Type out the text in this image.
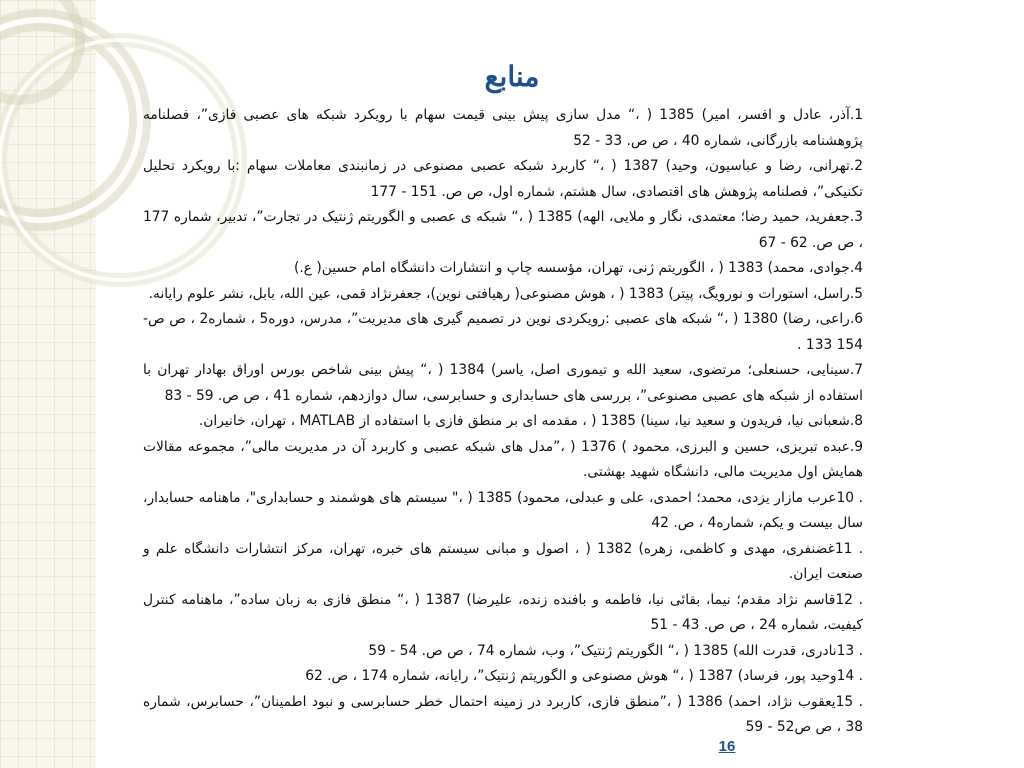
منابع

1.آذر، عادل و افسر، امیر) 1385 ( ،“ مدل سازی پیش بینی قیمت سهام با رویکرد شبکه های عصبی فازی”، فصلنامه پژوهشنامه بازرگانی، شماره 40 ، ص ص. 33 - 52

2.تهرانی، رضا و عباسیون، وحید) 1387 ( ،“ کاربرد شبکه عصبی مصنوعی در زمانبندی معاملات سهام :با رویکرد تحلیل تکنیکی”، فصلنامه پژوهش های اقتصادی، سال هشتم، شماره اول، ص ص. 151 - 177

3.جعفرید، حمید رضا؛ معتمدی، نگار و ملایی، الهه) 1385 ( ،“ شبکه ی عصبی و الگوریتم ژنتیک در تجارت”، تدبیر، شماره 177 ، ص ص. 62 - 67

4.جوادی، محمد) 1383 ( ، الگوریتم ژنی، تهران، مؤسسه چاپ و انتشارات دانشگاه امام حسین( ع.)

5.راسل، استورات و نورویگ، پیتر) 1383 ( ، هوش مصنوعی( رهیافتی نوین)، جعفرنژاد قمی، عین الله، بابل، نشر علوم رایانه.

6.راعی، رضا) 1380 ( ،“ شبکه های عصبی :رویکردی نوین در تصمیم گیری های مدیریت”، مدرس، دوره5 ، شماره2 ، ص ص- 154 133 .

7.سینایی، حسنعلی؛ مرتضوی، سعید الله و تیموری اصل، یاسر) 1384 ( ،“ پیش بینی شاخص بورس اوراق بهادار تهران با استفاده از شبکه های عصبی مصنوعی”، بررسی های حسابداری و حسابرسی، سال دوازدهم، شماره 41 ، ص ص. 59 - 83

8.شعبانی نیا، فریدون و سعید نیا، سینا) 1385 ( ، مقدمه ای بر منطق فازی با استفاده از MATLAB ، تهران، خانیران.

9.عبده تبریزی، حسین و البرزی، محمود ) 1376 ( ،”مدل های شبکه عصبی و کاربرد آن در مدیریت مالی”، مجموعه مقالات همایش اول مدیریت مالی، دانشگاه شهید بهشتی.

. 10عرب مازار یزدی، محمد؛ احمدی، علی و عبدلی، محمود) 1385 ( ،" سیستم های هوشمند و حسابداری"، ماهنامه حسابدار، سال بیست و یکم، شماره4 ، ص. 42

. 11غضنفری، مهدی و کاظمی، زهره) 1382 ( ، اصول و مبانی سیستم های خبره، تهران، مرکز انتشارات دانشگاه علم و صنعت ایران.

. 12قاسم نژاد مقدم؛ نیما، بقائی نیا، فاطمه و بافنده زنده، علیرضا) 1387 ( ،“ منطق فازی به زبان ساده”، ماهنامه کنترل کیفیت، شماره 24 ، ص ص. 43 - 51

. 13نادری، قدرت الله) 1385 ( ،“ الگوریتم ژنتیک”، وب، شماره 74 ، ص ص. 54 - 59

. 14وحید پور، فرساد) 1387 ( ،“ هوش مصنوعی و الگوریتم ژنتیک”، رایانه، شماره 174 ، ص. 62

. 15یعقوب نژاد، احمد) 1386 ( ،”منطق فازی، کاربرد در زمینه احتمال خطر حسابرسی و نبود اطمینان”، حسابرس، شماره 38 ، ص ص52 - 59

16
